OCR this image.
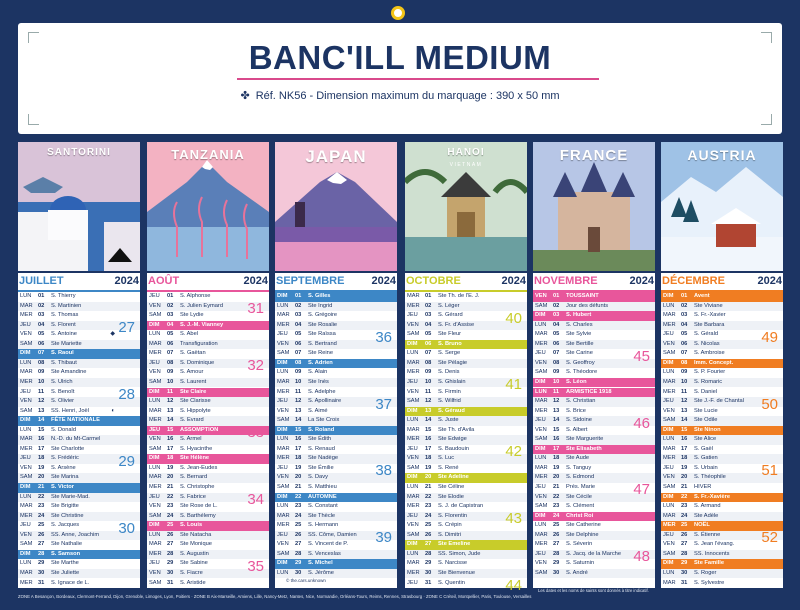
BANC'ILL MEDIUM
✤ Réf. NK56 - Dimension maximum du marquage : 390 x 50 mm
SANTORINI
JUILLET	2024
LUN	01	S. Thierry
MAR 02	S. Martinien
MER 03	S. Thomas
JEU	04	S. Florent
VEN	05	S. Antoine	◆
SAM 06	Ste Mariette
DIM	07	S. Raoul
LUN	08	S. Thibaut
MAR 09	Ste Amandine
MER 10	S. Ulrich
JEU	11	S. Benoît
VEN	12	S. Olivier
SAM 13	SS. Henri, Joël	◐
DIM	14	FÊTE NATIONALE
LUN	15	S. Donald
MAR 16	N.-D. du Mt-Carmel
MER 17	Ste Charlotte
JEU	18	S. Frédéric
VEN	19	S. Arsène
SAM 20	Ste Marina
DIM	21	S. Victor
LUN	22	Ste Marie-Mad.
MAR 23	Ste Brigitte
MER 24	Ste Christine
JEU	25	S. Jacques
VEN	26	SS. Anne, Joachim
SAM 27	Ste Nathalie
DIM	28	S. Samson
LUN	29	Ste Marthe
MAR 30	Ste Juliette
MER 31	S. Ignace de L.
27
28
29
30
TANZANIA
AOÛT	2024
JEU	01	S. Alphonse
VEN	02	S. Julien Eymard
SAM 03	Ste Lydie
DIM	04	S. J.-M. Vianney
LUN	05	S. Abel
MAR 06	Transfiguration
MER 07	S. Gaëtan
JEU	08	S. Dominique
VEN	09	S. Amour
SAM 10	S. Laurent
DIM	11	Ste Claire
LUN	12	Ste Clarisse
MAR 13	S. Hippolyte
MER 14	S. Evrard
JEU	15	ASSOMPTION
VEN	16	S. Armel
SAM 17	S. Hyacinthe
DIM	18	Ste Hélène
LUN	19	S. Jean-Eudes
MAR 20	S. Bernard
MER 21	S. Christophe
JEU	22	S. Fabrice
VEN	23	Ste Rose de L.
SAM 24	S. Barthélemy
DIM	25	S. Louis
LUN	26	Ste Natacha
MAR 27	Ste Monique
MER 28	S. Augustin
JEU	29	Ste Sabine
VEN	30	S. Fiacre
SAM 31	S. Aristide
31
32
33
34
35
JAPAN
SEPTEMBRE 2024
DIM	01	S. Gilles
LUN	02	Ste Ingrid
MAR 03	S. Grégoire
MER 04	Ste Rosalie
JEU	05	Ste Raïssa
VEN	06	S. Bertrand
SAM 07	Ste Reine
DIM	08	S. Adrien
LUN	09	S. Alain
MAR 10	Ste Inès
MER 11	S. Adelphe
JEU	12	S. Apollinaire
VEN	13	S. Aimé
SAM 14	La Ste Croix
DIM	15	S. Roland
LUN	16	Ste Édith
MAR 17	S. Renaud
MER 18	Ste Nadège
JEU	19	Ste Émilie
VEN	20	S. Davy
SAM 21	S. Matthieu
DIM	22	AUTOMNE
LUN	23	S. Constant
MAR 24	Ste Thècle
MER 25	S. Hermann
JEU	26	SS. Côme, Damien
VEN	27	S. Vincent de P.
SAM 28	S. Venceslas
DIM	29	S. Michel
LUN	30	S. Jérôme
36
37
38
39
HANOI
VIETNAM
OCTOBRE	2024
MAR 01	Ste Th. de l'E. J.
MER 02	S. Léger
JEU	03	S. Gérard
VEN	04	S. Fr. d'Assise
SAM 05	Ste Fleur
DIM	06	S. Bruno
LUN	07	S. Serge
MAR 08	Ste Pélagie
MER 09	S. Denis
JEU	10	S. Ghislain
VEN	11	S. Firmin
SAM 12	S. Wilfrid
DIM	13	S. Géraud
LUN	14	S. Juste
MAR 15	Ste Th. d'Avila
MER 16	Ste Edwige
JEU	17	S. Baudouin
VEN	18	S. Luc
SAM 19	S. René
DIM	20	Ste Adeline
LUN	21	Ste Céline
MAR 22	Ste Elodie
MER 23	S. J. de Capistran
JEU	24	S. Florentin
VEN	25	S. Crépin
SAM 26	S. Dimitri
DIM	27	Ste Emeline
LUN	28	SS. Simon, Jude
MAR 29	S. Narcisse
MER 30	Ste Bienvenue
JEU	31	S. Quentin
40
41
42
43
44
FRANCE
NOVEMBRE	2024
VEN	01	TOUSSAINT
SAM 02	Jour des défunts
DIM	03	S. Hubert
LUN	04	S. Charles
MAR 05	Ste Sylvie
MER 06	Ste Bertille
JEU	07	Ste Carine
VEN	08	S. Geoffroy
SAM 09	S. Théodore
DIM	10	S. Léon
LUN	11	ARMISTICE 1918
MAR 12	S. Christian
MER 13	S. Brice
JEU	14	S. Sidoine
VEN	15	S. Albert
SAM 16	Ste Marguerite
DIM	17	Ste Elisabeth
LUN	18	Ste Aude
MAR 19	S. Tanguy
MER 20	S. Edmond
JEU	21	Prés. Marie
VEN	22	Ste Cécile
SAM 23	S. Clément
DIM	24	Christ Roi
LUN	25	Ste Catherine
MAR 26	Ste Delphine
MER 27	S. Séverin
JEU	28	S. Jacq. de la Marche
VEN	29	S. Saturnin
SAM 30	S. André
45
46
47
48
AUSTRIA
DÉCEMBRE	2024
DIM	01	Avent
LUN	02	Ste Viviane
MAR 03	S. Fr.-Xavier
MER 04	Ste Barbara
JEU	05	S. Gérald
VEN	06	S. Nicolas
SAM 07	S. Ambroise
DIM	08	Imm. Concept.
LUN	09	S. P. Fourier
MAR 10	S. Romaric
MER 11	S. Daniel
JEU	12	Ste J.-F. de Chantal
VEN	13	Ste Lucie
SAM 14	Ste Odile
DIM	15	Ste Ninon
LUN	16	Ste Alice
MAR 17	S. Gaël
MER 18	S. Gatien
JEU	19	S. Urbain
VEN	20	S. Théophile
SAM 21	HIVER
DIM	22	S. Fr.-Xavière
LUN	23	S. Armand
MAR 24	Ste Adèle
MER 25	NOËL
JEU	26	S. Étienne
VEN	27	S. Jean l'évang.
SAM 28	SS. Innocents
DIM	29	Ste Famille
LUN	30	S. Roger
MAR 31	S. Sylvestre
49
50
51
52
© the.cars.unknown
ZONE A Besançon, Bordeaux, Clermont-Ferrand, Dijon, Grenoble, Limoges, Lyon, Poitiers · ZONE B Aix-Marseille, Amiens, Lille, Nancy-Metz, Nantes, Nice, Normandie, Orléans-Tours, Reims, Rennes, Strasbourg · ZONE C Créteil, Montpellier, Paris, Toulouse, Versailles
Les dates et les noms de saints sont donnés à titre indicatif.
